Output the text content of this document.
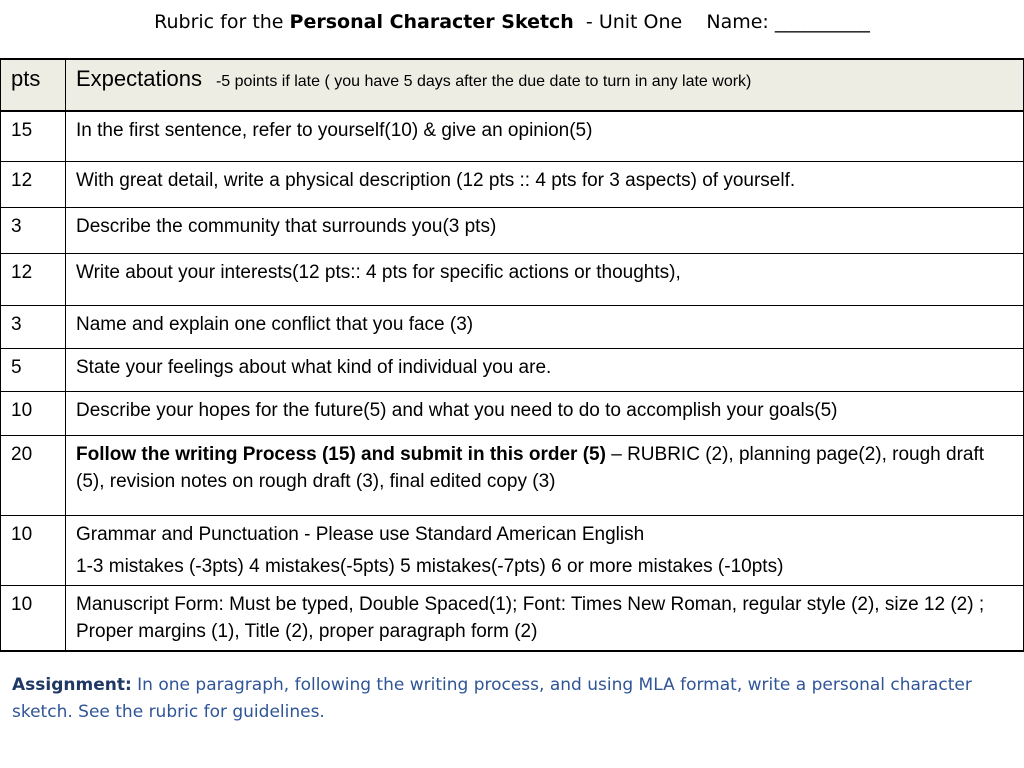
Rubric for the Personal Character Sketch  - Unit One    Name: __________
pts	Expectations -5 points if late ( you have 5 days after the due date to turn in any late work)
15	In the first sentence, refer to yourself(10) & give an opinion(5)
12	With great detail, write a physical description (12 pts :: 4 pts for 3 aspects) of yourself.
3	Describe the community that surrounds you(3 pts)
12	Write about your interests(12 pts:: 4 pts for specific actions or thoughts),
3	Name and explain one conflict that you face (3)
5	State your feelings about what kind of individual you are.
10	Describe your hopes for the future(5) and what you need to do to accomplish your goals(5)
20	Follow the writing Process (15) and submit in this order (5) – RUBRIC (2), planning page(2), rough draft (5), revision notes on rough draft (3), final edited copy (3)
10	Grammar and Punctuation - Please use Standard American English
1-3 mistakes (-3pts) 4 mistakes(-5pts) 5 mistakes(-7pts) 6 or more mistakes (-10pts)

10	Manuscript Form: Must be typed, Double Spaced(1); Font: Times New Roman, regular style (2), size 12 (2) ; Proper margins (1), Title (2), proper paragraph form (2)
Assignment: In one paragraph, following the writing process, and using MLA format, write a personal character sketch. See the rubric for guidelines.
